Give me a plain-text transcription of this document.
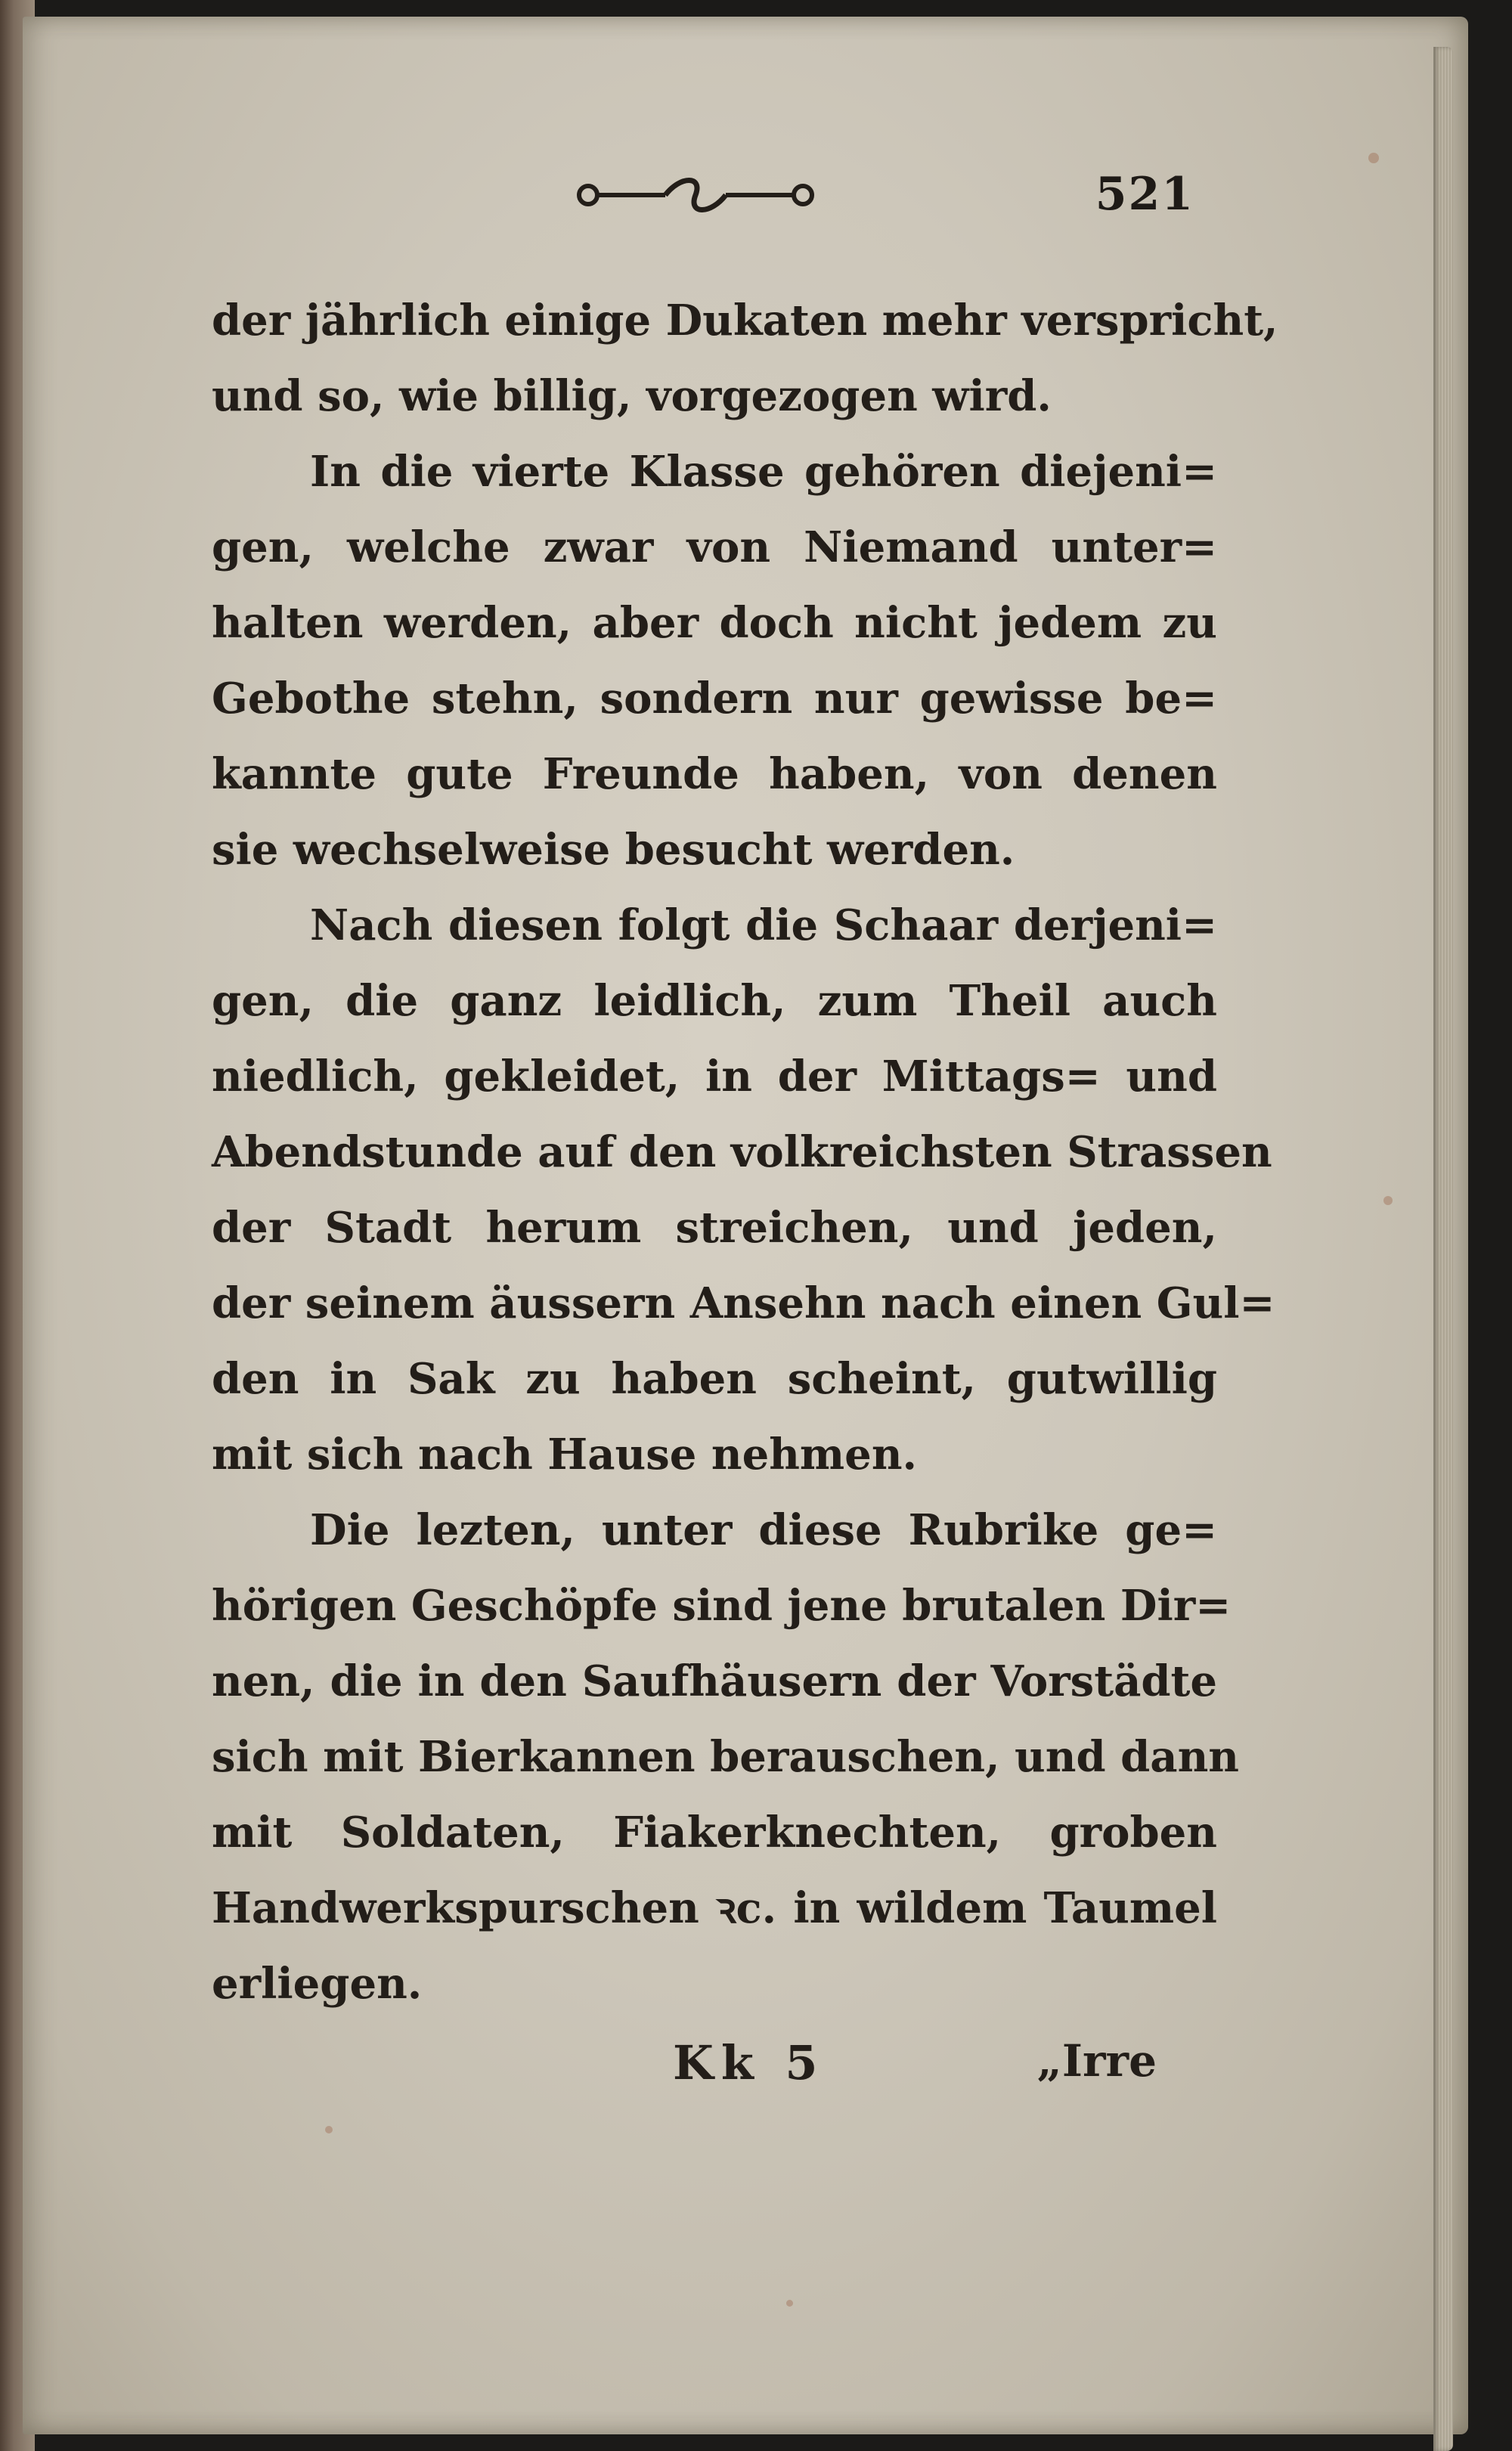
521
der jährlich einige Dukaten mehr verspricht,
und so, wie billig, vorgezogen wird.
In die vierte Klasse gehören diejeni=
gen, welche zwar von Niemand unter=
halten werden, aber doch nicht jedem zu
Gebothe stehn, sondern nur gewisse be=
kannte gute Freunde haben, von denen
sie wechselweise besucht werden.
Nach diesen folgt die Schaar derjeni=
gen, die ganz leidlich, zum Theil auch
niedlich, gekleidet, in der Mittags= und
Abendstunde auf den volkreichsten Strassen
der Stadt herum streichen, und jeden,
der seinem äussern Ansehn nach einen Gul=
den in Sak zu haben scheint, gutwillig
mit sich nach Hause nehmen.
Die lezten, unter diese Rubrike ge=
hörigen Geschöpfe sind jene brutalen Dir=
nen, die in den Saufhäusern der Vorstädte
sich mit Bierkannen berauschen, und dann
mit Soldaten, Fiakerknechten, groben
Handwerkspurschen ꝛc. in wildem Taumel
erliegen.
Kk 5	„Irre
